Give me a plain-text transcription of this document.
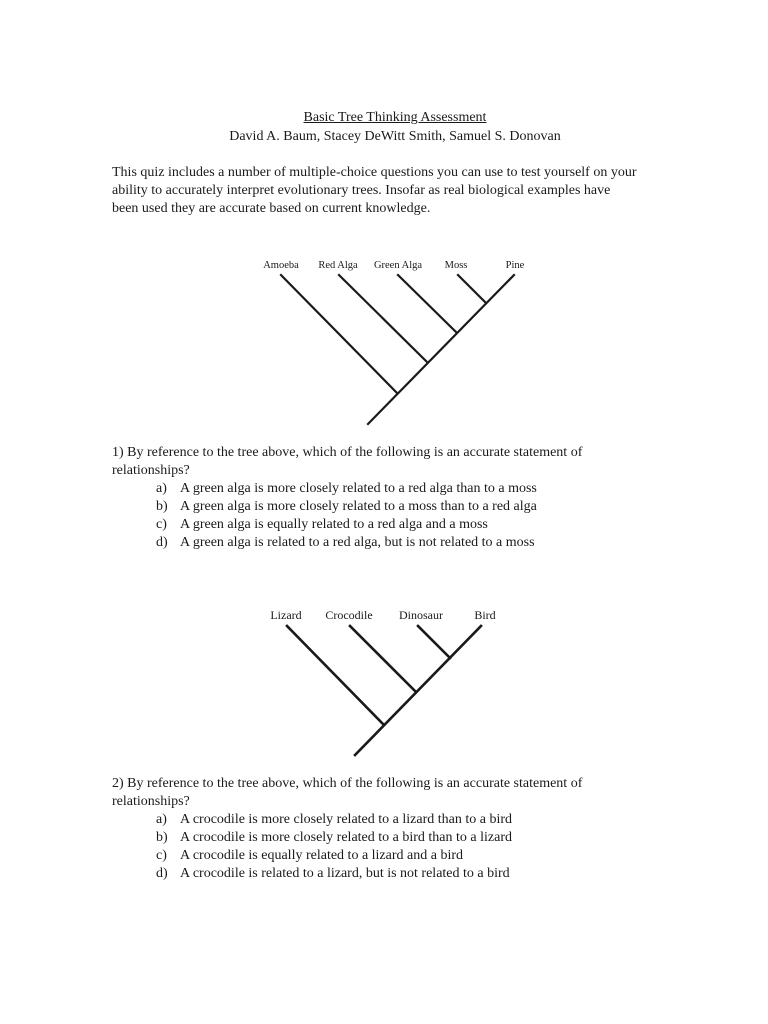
Basic Tree Thinking Assessment
David A. Baum, Stacey DeWitt Smith, Samuel S. Donovan
This quiz includes a number of multiple-choice questions you can use to test yourself on your
ability to accurately interpret evolutionary trees. Insofar as real biological examples have
been used they are accurate based on current knowledge.
Amoeba Red Alga Green Alga Moss	Pine
Lizard Crocodile Dinosaur	Bird
1) By reference to the tree above, which of the following is an accurate statement of
relationships?
a) A green alga is more closely related to a red alga than to a moss
b) A green alga is more closely related to a moss than to a red alga
c) A green alga is equally related to a red alga and a moss
d) A green alga is related to a red alga, but is not related to a moss
2) By reference to the tree above, which of the following is an accurate statement of
relationships?
a) A crocodile is more closely related to a lizard than to a bird
b) A crocodile is more closely related to a bird than to a lizard
c) A crocodile is equally related to a lizard and a bird
d) A crocodile is related to a lizard, but is not related to a bird
